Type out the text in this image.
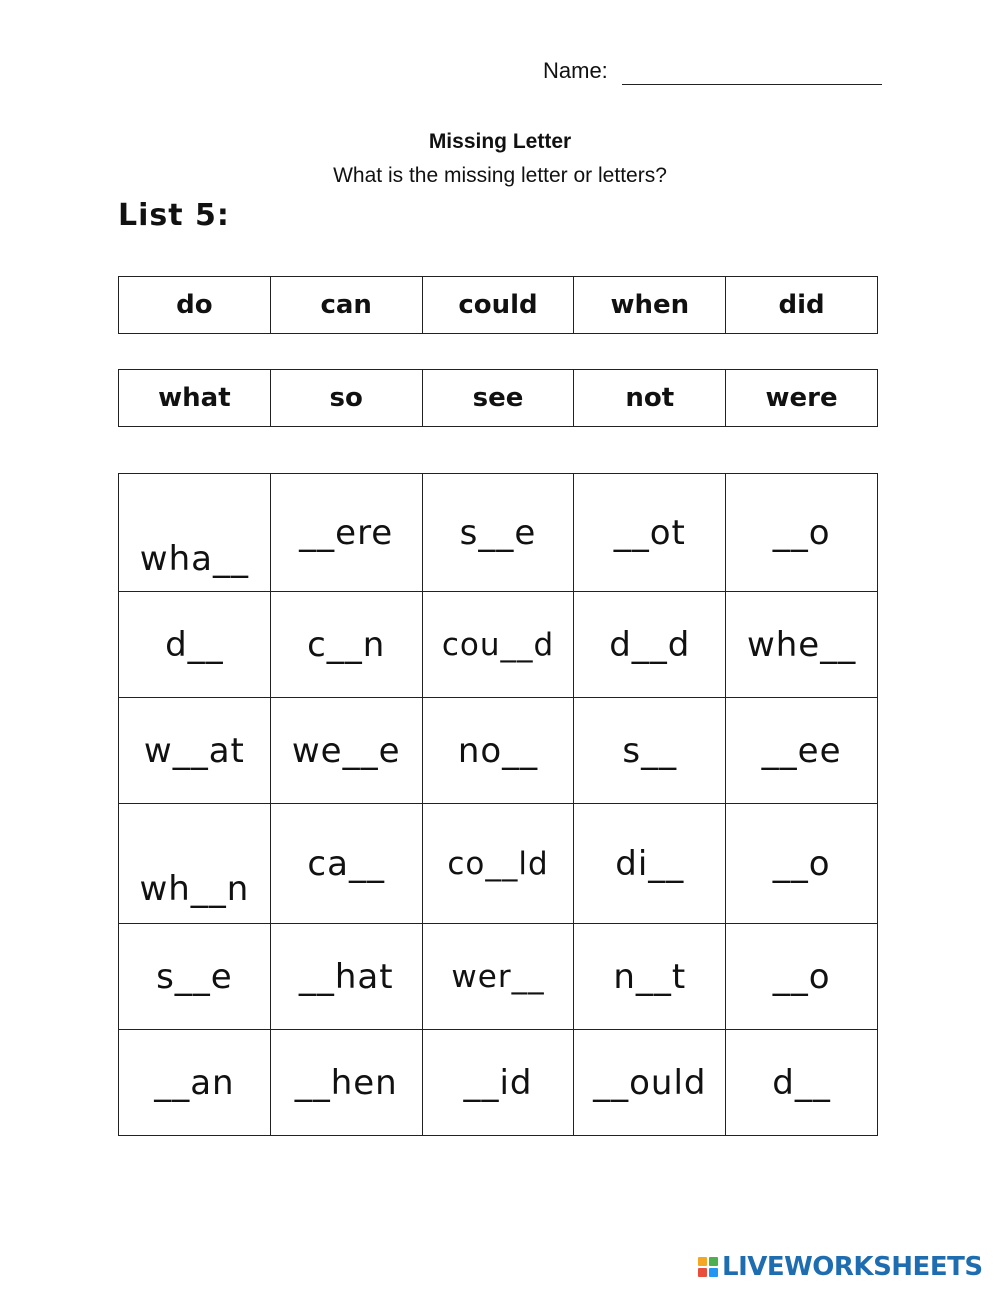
Name:
Missing Letter
What is the missing letter or letters?
List 5:
do	can	could	when	did
what	so	see	not	were
wha__	__ere	s__e	__ot	__o
d__	c__n	cou__d	d__d	whe__
w__at	we__e	no__	s__	__ee
wh__n	ca__	co__ld	di__	__o
s__e	__hat	wer__	n__t	__o
__an	__hen	__id	__ould	d__
LIVEWORKSHEETS
